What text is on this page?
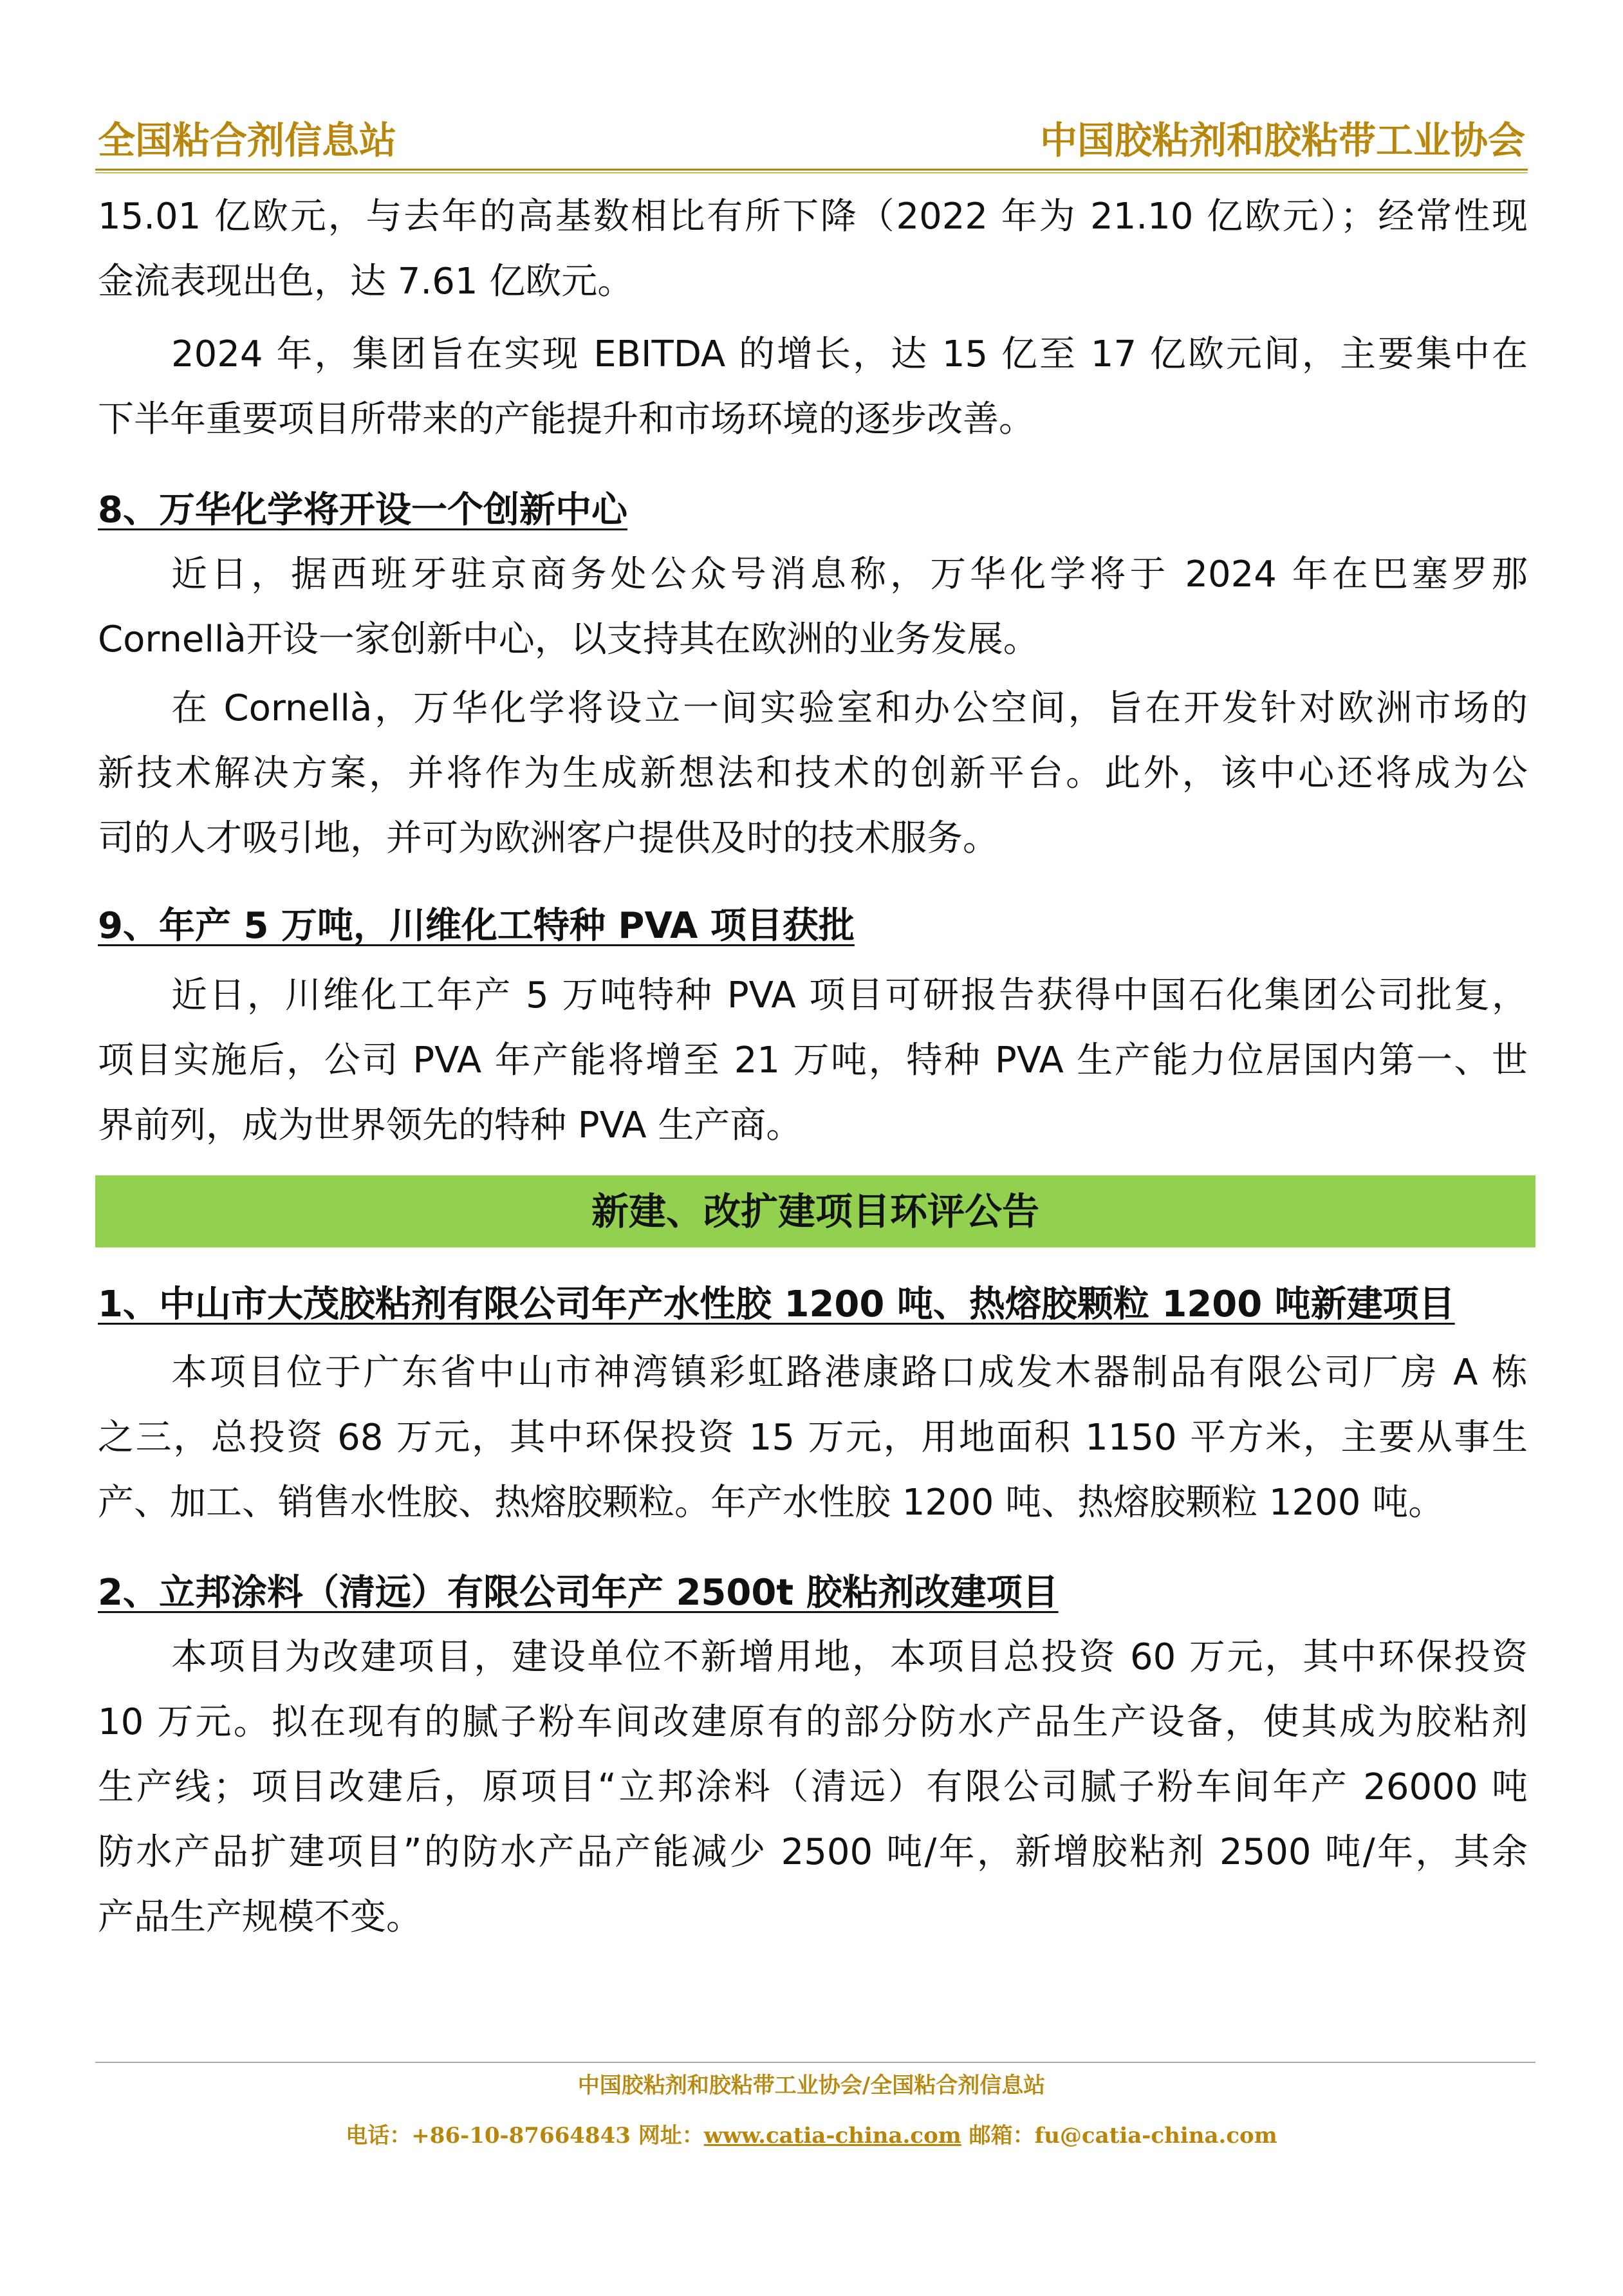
全国粘合剂信息站	中国胶粘剂和胶粘带工业协会
15.01 亿欧元，与去年的高基数相比有所下降（2022 年为 21.10 亿欧元）；经常性现
金流表现出色，达 7.61 亿欧元。
2024 年，集团旨在实现 EBITDA 的增长，达 15 亿至 17 亿欧元间，主要集中在
下半年重要项目所带来的产能提升和市场环境的逐步改善。
8、万华化学将开设一个创新中心
近日，据西班牙驻京商务处公众号消息称，万华化学将于 2024 年在巴塞罗那
Cornellà开设一家创新中心，以支持其在欧洲的业务发展。
在 Cornellà，万华化学将设立一间实验室和办公空间，旨在开发针对欧洲市场的
新技术解决方案，并将作为生成新想法和技术的创新平台。此外，该中心还将成为公
司的人才吸引地，并可为欧洲客户提供及时的技术服务。
9、年产 5 万吨，川维化工特种 PVA 项目获批
近日，川维化工年产 5 万吨特种 PVA 项目可研报告获得中国石化集团公司批复，
项目实施后，公司 PVA 年产能将增至 21 万吨，特种 PVA 生产能力位居国内第一、世
界前列，成为世界领先的特种 PVA 生产商。
新建、改扩建项目环评公告
1、中山市大茂胶粘剂有限公司年产水性胶 1200 吨、热熔胶颗粒 1200 吨新建项目
本项目位于广东省中山市神湾镇彩虹路港康路口成发木器制品有限公司厂房 A 栋
之三，总投资 68 万元，其中环保投资 15 万元，用地面积 1150 平方米，主要从事生
产、加工、销售水性胶、热熔胶颗粒。年产水性胶 1200 吨、热熔胶颗粒 1200 吨。
2、立邦涂料（清远）有限公司年产 2500t 胶粘剂改建项目
本项目为改建项目，建设单位不新增用地，本项目总投资 60 万元，其中环保投资
10 万元。拟在现有的腻子粉车间改建原有的部分防水产品生产设备，使其成为胶粘剂
生产线；项目改建后，原项目“立邦涂料（清远）有限公司腻子粉车间年产 26000 吨
防水产品扩建项目”的防水产品产能减少 2500 吨/年，新增胶粘剂 2500 吨/年，其余
产品生产规模不变。
中国胶粘剂和胶粘带工业协会/全国粘合剂信息站
电话：+86-10-87664843 网址：www.catia-china.com 邮箱：fu@catia-china.com
